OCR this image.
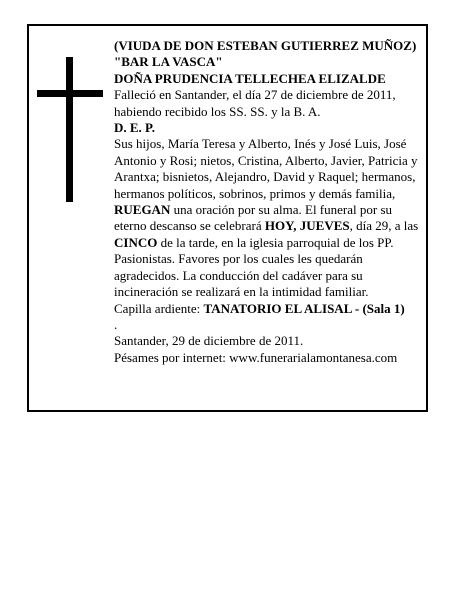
(VIUDA DE DON ESTEBAN GUTIERREZ MUÑOZ) "BAR LA VASCA"

DOÑA PRUDENCIA TELLECHEA ELIZALDE

Falleció en Santander, el día 27 de diciembre de 2011, habiendo recibido los SS. SS. y la B. A.

D. E. P.

Sus hijos, María Teresa y Alberto, Inés y José Luis, José Antonio y Rosi; nietos, Cristina, Alberto, Javier, Patricia y Arantxa; bisnietos, Alejandro, David y Raquel; hermanos, hermanos políticos, sobrinos, primos y demás familia,

RUEGAN una oración por su alma. El funeral por su eterno descanso se celebrará HOY, JUEVES, día 29, a las CINCO de la tarde, en la iglesia parroquial de los PP. Pasionistas. Favores por los cuales les quedarán agradecidos. La conducción del cadáver para su incineración se realizará en la intimidad familiar.

Capilla ardiente: TANATORIO EL ALISAL - (Sala 1)

.

Santander, 29 de diciembre de 2011.

Pésames por internet: www.funerarialamontanesa.com
